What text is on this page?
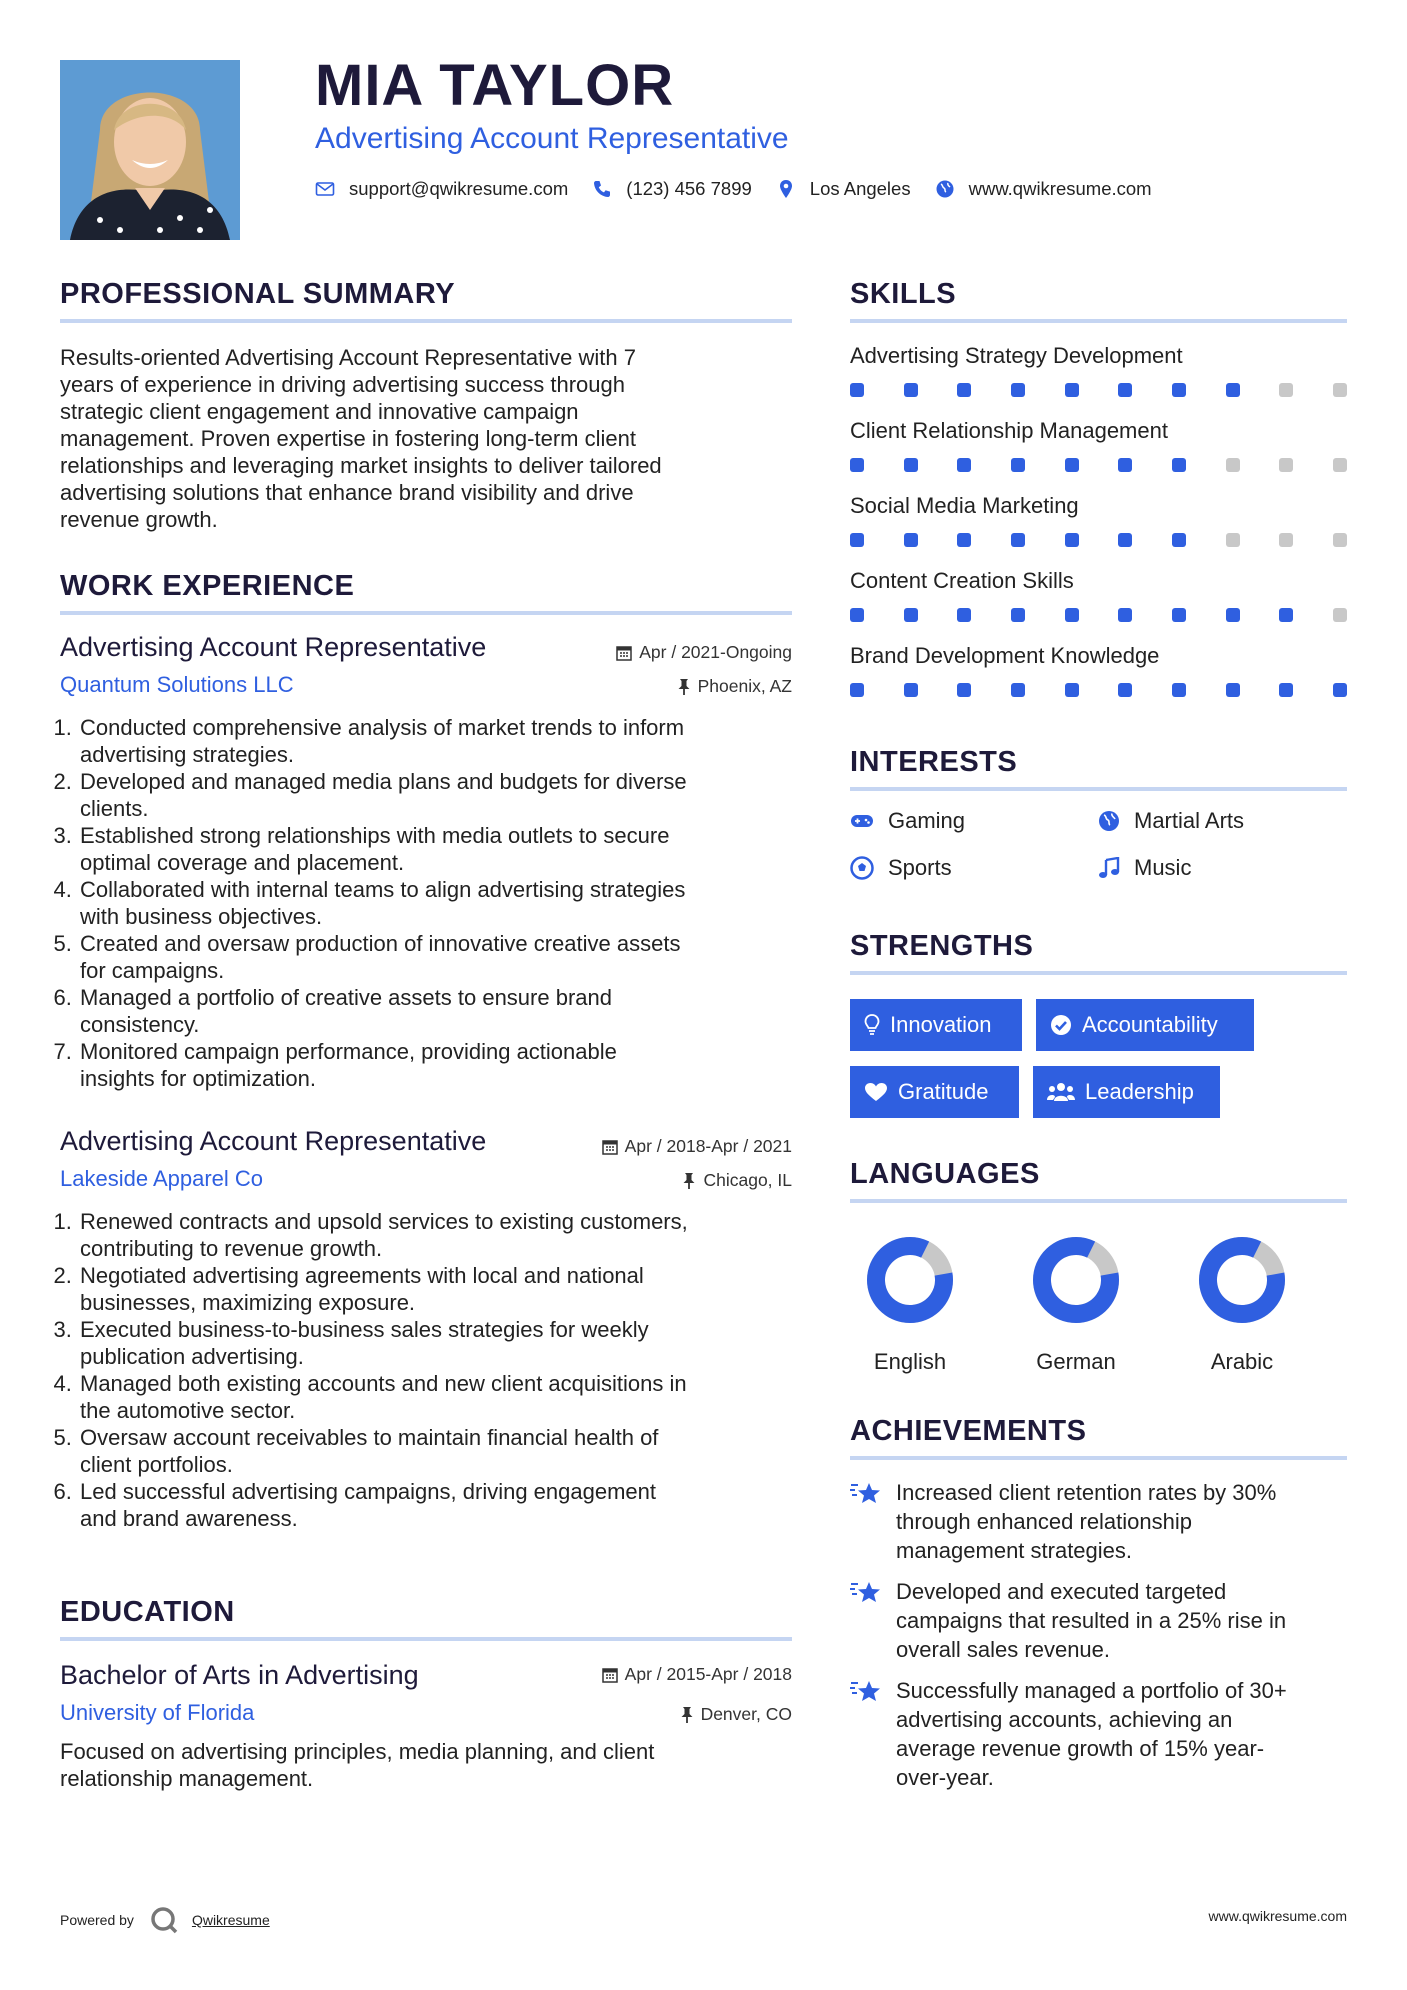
MIA TAYLOR
Advertising Account Representative
support@qwikresume.com	(123) 456 7899	Los Angeles	www.qwikresume.com
PROFESSIONAL SUMMARY
Results-oriented Advertising Account Representative with 7
years of experience in driving advertising success through
strategic client engagement and innovative campaign
management. Proven expertise in fostering long-term client
relationships and leveraging market insights to deliver tailored
advertising solutions that enhance brand visibility and drive
revenue growth.
WORK EXPERIENCE
Advertising Account Representative	Apr / 2021-Ongoing
Quantum Solutions LLC	Phoenix, AZ
1. Conducted comprehensive analysis of market trends to inform
advertising strategies.
2. Developed and managed media plans and budgets for diverse
clients.
3. Established strong relationships with media outlets to secure
optimal coverage and placement.
4. Collaborated with internal teams to align advertising strategies
with business objectives.
5. Created and oversaw production of innovative creative assets
for campaigns.
6. Managed a portfolio of creative assets to ensure brand
consistency.
7. Monitored campaign performance, providing actionable
insights for optimization.
Advertising Account Representative	Apr / 2018-Apr / 2021
Lakeside Apparel Co	Chicago, IL
1. Renewed contracts and upsold services to existing customers,
contributing to revenue growth.
2. Negotiated advertising agreements with local and national
businesses, maximizing exposure.
3. Executed business-to-business sales strategies for weekly
publication advertising.
4. Managed both existing accounts and new client acquisitions in
the automotive sector.
5. Oversaw account receivables to maintain financial health of
client portfolios.
6. Led successful advertising campaigns, driving engagement
and brand awareness.
EDUCATION
Bachelor of Arts in Advertising	Apr / 2015-Apr / 2018
University of Florida	Denver, CO
Focused on advertising principles, media planning, and client
relationship management.
SKILLS
Advertising Strategy Development
Client Relationship Management
Social Media Marketing
Content Creation Skills
Brand Development Knowledge
INTERESTS
Gaming	Martial Arts
Sports	Music
STRENGTHS
Innovation	Accountability
Gratitude	Leadership
LANGUAGES
English	German	Arabic
ACHIEVEMENTS
Increased client retention rates by 30%
through enhanced relationship
management strategies.
Developed and executed targeted
campaigns that resulted in a 25% rise in
overall sales revenue.
Successfully managed a portfolio of 30+
advertising accounts, achieving an
average revenue growth of 15% year-
over-year.
Powered by	Qwikresume	www.qwikresume.com
